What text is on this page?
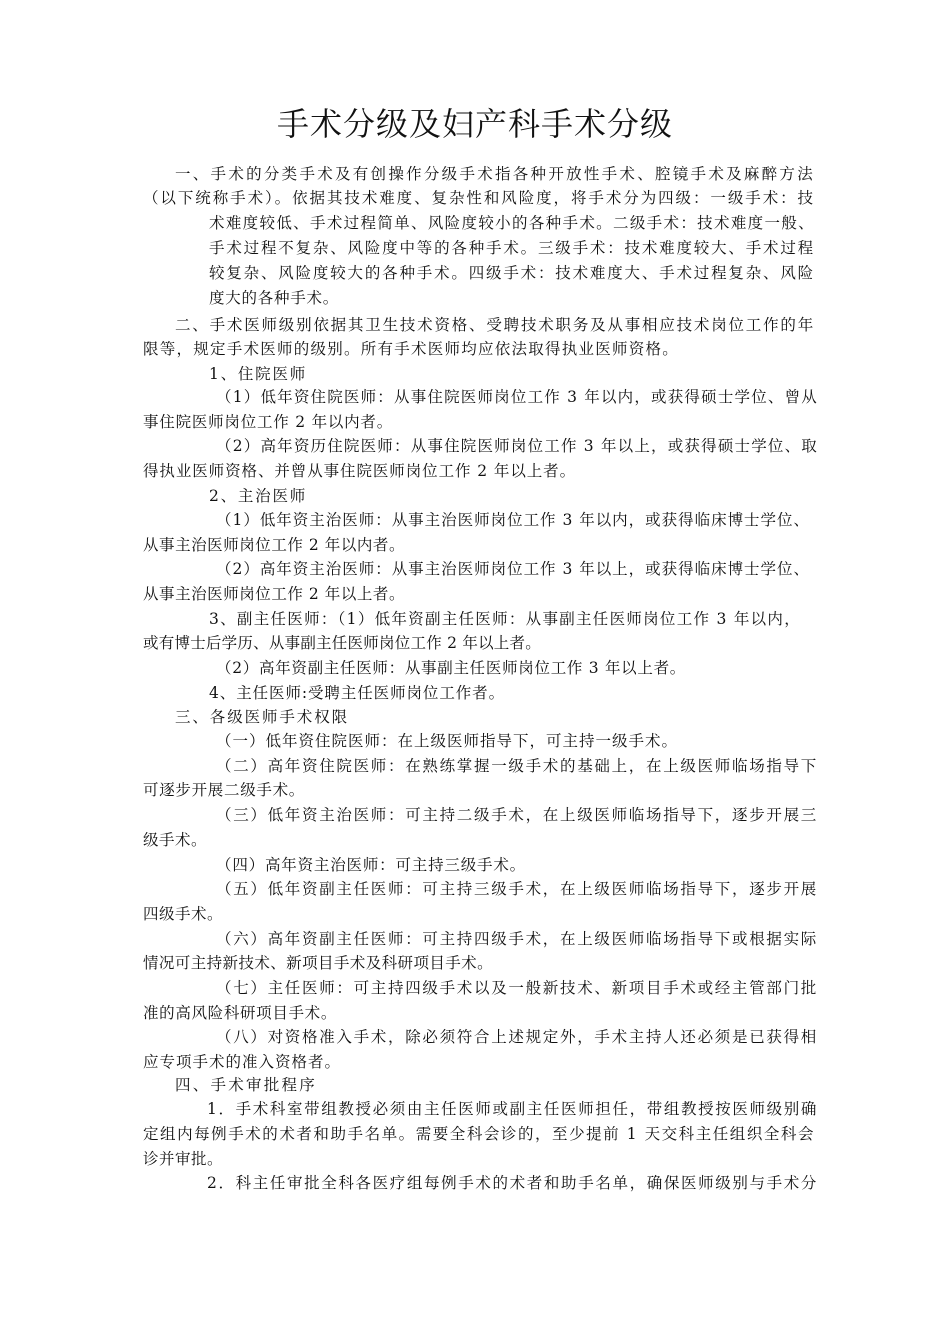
手术分级及妇产科手术分级
一、手术的分类手术及有创操作分级手术指各种开放性手术、腔镜手术及麻醉方法
（以下统称手术）。依据其技术难度、复杂性和风险度，将手术分为四级：一级手术：技
术难度较低、手术过程简单、风险度较小的各种手术。二级手术：技术难度一般、
手术过程不复杂、风险度中等的各种手术。三级手术：技术难度较大、手术过程
较复杂、风险度较大的各种手术。四级手术：技术难度大、手术过程复杂、风险
度大的各种手术。
二、手术医师级别依据其卫生技术资格、受聘技术职务及从事相应技术岗位工作的年
限等，规定手术医师的级别。所有手术医师均应依法取得执业医师资格。
1、住院医师
（1）低年资住院医师：从事住院医师岗位工作 3 年以内，或获得硕士学位、曾从
事住院医师岗位工作 2 年以内者。
（2）高年资历住院医师：从事住院医师岗位工作 3 年以上，或获得硕士学位、取
得执业医师资格、并曾从事住院医师岗位工作 2 年以上者。
2、主治医师
（1）低年资主治医师：从事主治医师岗位工作 3 年以内，或获得临床博士学位、
从事主治医师岗位工作 2 年以内者。
（2）高年资主治医师：从事主治医师岗位工作 3 年以上，或获得临床博士学位、
从事主治医师岗位工作 2 年以上者。
3、副主任医师：（1）低年资副主任医师：从事副主任医师岗位工作 3 年以内，
或有博士后学历、从事副主任医师岗位工作 2 年以上者。
（2）高年资副主任医师：从事副主任医师岗位工作 3 年以上者。
4、主任医师:受聘主任医师岗位工作者。
三、各级医师手术权限
（一）低年资住院医师：在上级医师指导下，可主持一级手术。
（二）高年资住院医师：在熟练掌握一级手术的基础上，在上级医师临场指导下
可逐步开展二级手术。
（三）低年资主治医师：可主持二级手术，在上级医师临场指导下，逐步开展三
级手术。
（四）高年资主治医师：可主持三级手术。
（五）低年资副主任医师：可主持三级手术，在上级医师临场指导下，逐步开展
四级手术。
（六）高年资副主任医师：可主持四级手术，在上级医师临场指导下或根据实际
情况可主持新技术、新项目手术及科研项目手术。
（七）主任医师：可主持四级手术以及一般新技术、新项目手术或经主管部门批
准的高风险科研项目手术。
（八）对资格准入手术，除必须符合上述规定外，手术主持人还必须是已获得相
应专项手术的准入资格者。
四、手术审批程序
1．手术科室带组教授必须由主任医师或副主任医师担任，带组教授按医师级别确
定组内每例手术的术者和助手名单。需要全科会诊的，至少提前 1 天交科主任组织全科会
诊并审批。
2．科主任审批全科各医疗组每例手术的术者和助手名单，确保医师级别与手术分
